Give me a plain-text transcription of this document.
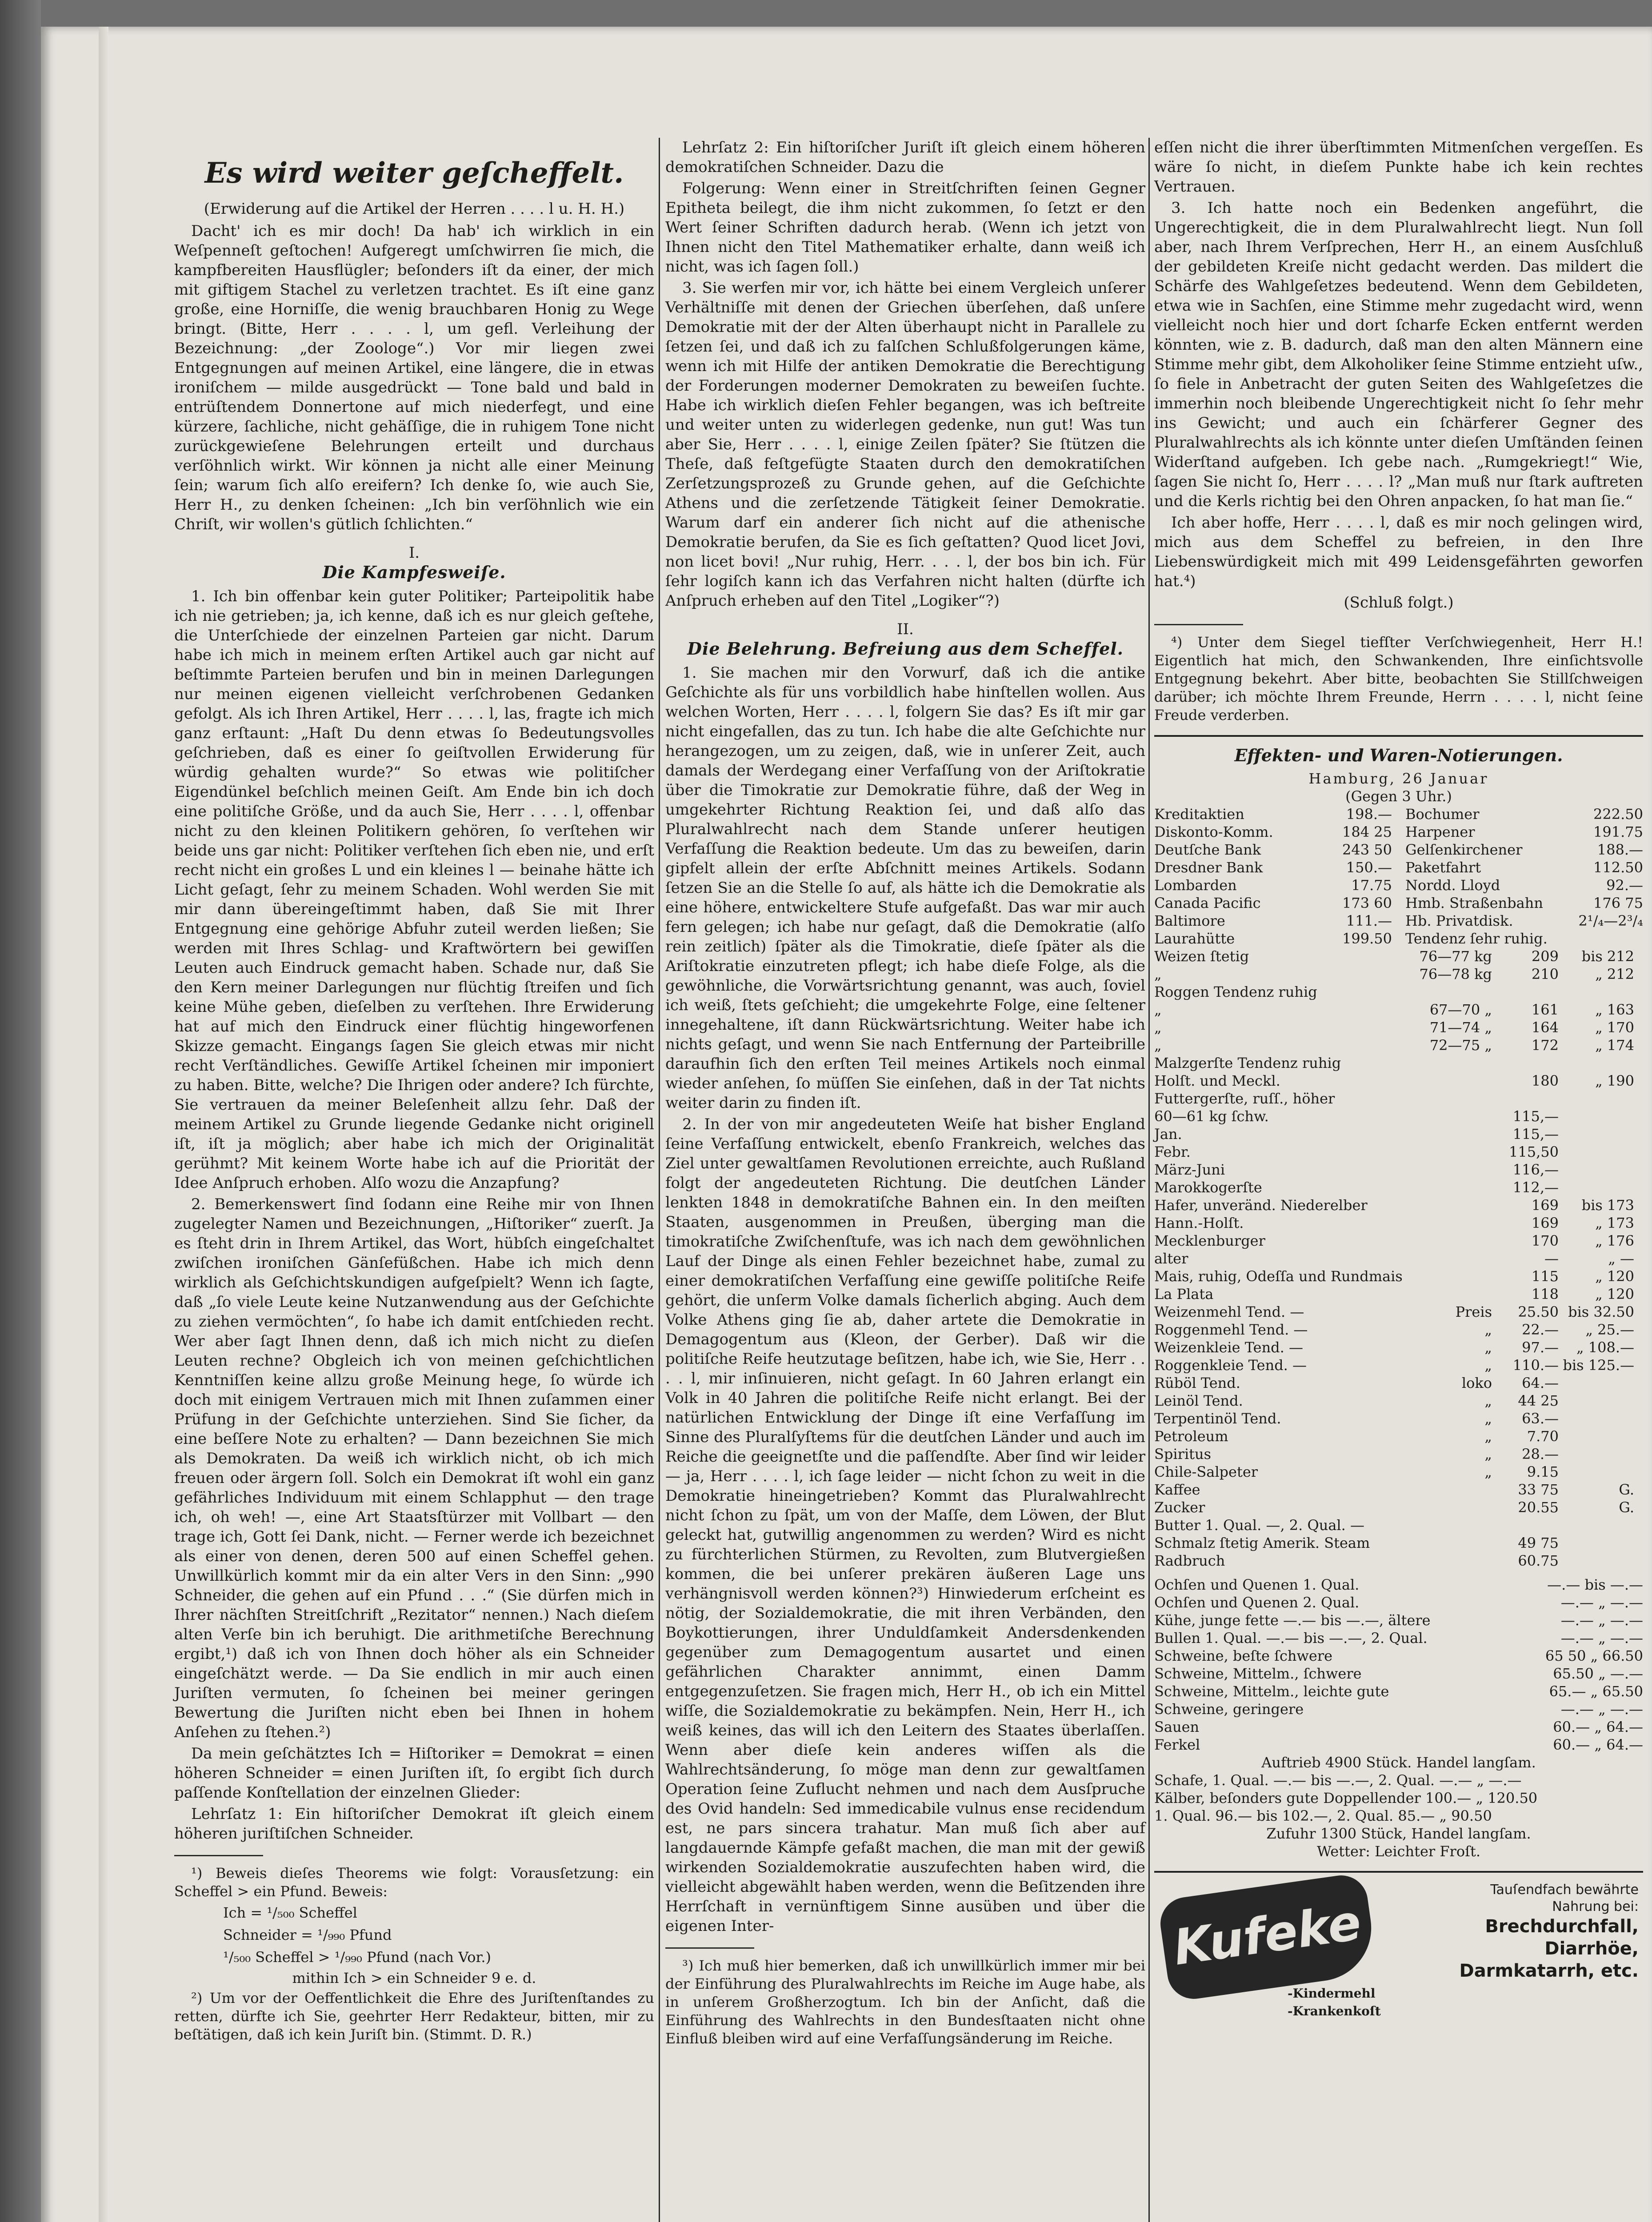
Es wird weiter geſcheffelt.
(Erwiderung auf die Artikel der Herren . . . . l u. H. H.)

Dacht' ich es mir doch! Da hab' ich wirklich in ein Weſpenneſt geſtochen! Aufgeregt umſchwirren ſie mich, die kampfbereiten Hausflügler; beſonders iſt da einer, der mich mit giftigem Stachel zu verletzen trachtet. Es iſt eine ganz große, eine Horniſſe, die wenig brauchbaren Honig zu Wege bringt. (Bitte, Herr . . . . l, um gefl. Verleihung der Bezeichnung: „der Zoologe“.) Vor mir liegen zwei Entgegnungen auf meinen Artikel, eine längere, die in etwas ironiſchem — milde ausgedrückt — Tone bald und bald in entrüſtendem Donnertone auf mich niederfegt, und eine kürzere, ſachliche, nicht gehäſſige, die in ruhigem Tone nicht zurückgewieſene Belehrungen erteilt und durchaus verſöhnlich wirkt. Wir können ja nicht alle einer Meinung ſein; warum ſich alſo ereifern? Ich denke ſo, wie auch Sie, Herr H., zu denken ſcheinen: „Ich bin verſöhnlich wie ein Chriſt, wir wollen's gütlich ſchlichten.“

I.
Die Kampfesweiſe.

1. Ich bin offenbar kein guter Politiker; Parteipolitik habe ich nie getrieben; ja, ich kenne, daß ich es nur gleich geſtehe, die Unterſchiede der einzelnen Parteien gar nicht. Darum habe ich mich in meinem erſten Artikel auch gar nicht auf beſtimmte Parteien berufen und bin in meinen Darlegungen nur meinen eigenen vielleicht verſchrobenen Gedanken gefolgt. Als ich Ihren Artikel, Herr . . . . l, las, fragte ich mich ganz erſtaunt: „Haſt Du denn etwas ſo Bedeutungsvolles geſchrieben, daß es einer ſo geiſtvollen Erwiderung für würdig gehalten wurde?“ So etwas wie politiſcher Eigendünkel beſchlich meinen Geiſt. Am Ende bin ich doch eine politiſche Größe, und da auch Sie, Herr . . . . l, offenbar nicht zu den kleinen Politikern gehören, ſo verſtehen wir beide uns gar nicht: Politiker verſtehen ſich eben nie, und erſt recht nicht ein großes L und ein kleines l — beinahe hätte ich Licht geſagt, ſehr zu meinem Schaden. Wohl werden Sie mit mir dann übereingeſtimmt haben, daß Sie mit Ihrer Entgegnung eine gehörige Abfuhr zuteil werden ließen; Sie werden mit Ihres Schlag- und Kraftwörtern bei gewiſſen Leuten auch Eindruck gemacht haben. Schade nur, daß Sie den Kern meiner Darlegungen nur flüchtig ſtreifen und ſich keine Mühe geben, dieſelben zu verſtehen. Ihre Erwiderung hat auf mich den Eindruck einer flüchtig hingeworfenen Skizze gemacht. Eingangs ſagen Sie gleich etwas mir nicht recht Verſtändliches. Gewiſſe Artikel ſcheinen mir imponiert zu haben. Bitte, welche? Die Ihrigen oder andere? Ich fürchte, Sie vertrauen da meiner Beleſenheit allzu ſehr. Daß der meinem Artikel zu Grunde liegende Gedanke nicht originell iſt, iſt ja möglich; aber habe ich mich der Originalität gerühmt? Mit keinem Worte habe ich auf die Priorität der Idee Anſpruch erhoben. Alſo wozu die Anzapfung?

2. Bemerkenswert ſind ſodann eine Reihe mir von Ihnen zugelegter Namen und Bezeichnungen, „Hiſtoriker“ zuerſt. Ja es ſteht drin in Ihrem Artikel, das Wort, hübſch eingeſchaltet zwiſchen ironiſchen Gänſefüßchen. Habe ich mich denn wirklich als Geſchichtskundigen aufgeſpielt? Wenn ich ſagte, daß „ſo viele Leute keine Nutzanwendung aus der Geſchichte zu ziehen vermöchten“, ſo habe ich damit entſchieden recht. Wer aber ſagt Ihnen denn, daß ich mich nicht zu dieſen Leuten rechne? Obgleich ich von meinen geſchichtlichen Kenntniſſen keine allzu große Meinung hege, ſo würde ich doch mit einigem Vertrauen mich mit Ihnen zuſammen einer Prüfung in der Geſchichte unterziehen. Sind Sie ſicher, da eine beſſere Note zu erhalten? — Dann bezeichnen Sie mich als Demokraten. Da weiß ich wirklich nicht, ob ich mich freuen oder ärgern ſoll. Solch ein Demokrat iſt wohl ein ganz gefährliches Individuum mit einem Schlapphut — den trage ich, oh weh! —, eine Art Staatsſtürzer mit Vollbart — den trage ich, Gott ſei Dank, nicht. — Ferner werde ich bezeichnet als einer von denen, deren 500 auf einen Scheffel gehen. Unwillkürlich kommt mir da ein alter Vers in den Sinn: „990 Schneider, die gehen auf ein Pfund . . .“ (Sie dürfen mich in Ihrer nächſten Streitſchrift „Rezitator“ nennen.) Nach dieſem alten Verſe bin ich beruhigt. Die arithmetiſche Berechnung ergibt,¹) daß ich von Ihnen doch höher als ein Schneider eingeſchätzt werde. — Da Sie endlich in mir auch einen Juriſten vermuten, ſo ſcheinen bei meiner geringen Bewertung die Juriſten nicht eben bei Ihnen in hohem Anſehen zu ſtehen.²)

Da mein geſchätztes Ich = Hiſtoriker = Demokrat = einen höheren Schneider = einen Juriſten iſt, ſo ergibt ſich durch paſſende Konſtellation der einzelnen Glieder:

Lehrſatz 1: Ein hiſtoriſcher Demokrat iſt gleich einem höheren juriſtiſchen Schneider.

¹) Beweis dieſes Theorems wie folgt: Vorausſetzung: ein Scheffel > ein Pfund. Beweis:

Ich = ¹/₅₀₀ Scheffel

Schneider = ¹/₉₉₀ Pfund

¹/₅₀₀ Scheffel > ¹/₉₉₀ Pfund (nach Vor.)

mithin Ich > ein Schneider 9 e. d.

²) Um vor der Oeffentlichkeit die Ehre des Juriſtenſtandes zu retten, dürfte ich Sie, geehrter Herr Redakteur, bitten, mir zu beſtätigen, daß ich kein Juriſt bin. (Stimmt. D. R.)

Lehrſatz 2: Ein hiſtoriſcher Juriſt iſt gleich einem höheren demokratiſchen Schneider. Dazu die

Folgerung: Wenn einer in Streitſchriften ſeinen Gegner Epitheta beilegt, die ihm nicht zukommen, ſo ſetzt er den Wert ſeiner Schriften dadurch herab. (Wenn ich jetzt von Ihnen nicht den Titel Mathematiker erhalte, dann weiß ich nicht, was ich ſagen ſoll.)

3. Sie werfen mir vor, ich hätte bei einem Vergleich unſerer Verhältniſſe mit denen der Griechen überſehen, daß unſere Demokratie mit der der Alten überhaupt nicht in Parallele zu ſetzen ſei, und daß ich zu falſchen Schlußfolgerungen käme, wenn ich mit Hilfe der antiken Demokratie die Berechtigung der Forderungen moderner Demokraten zu beweiſen ſuchte. Habe ich wirklich dieſen Fehler begangen, was ich beſtreite und weiter unten zu widerlegen gedenke, nun gut! Was tun aber Sie, Herr . . . . l, einige Zeilen ſpäter? Sie ſtützen die Theſe, daß feſtgefügte Staaten durch den demokratiſchen Zerſetzungsprozeß zu Grunde gehen, auf die Geſchichte Athens und die zerſetzende Tätigkeit ſeiner Demokratie. Warum darf ein anderer ſich nicht auf die athenische Demokratie berufen, da Sie es ſich geſtatten? Quod licet Jovi, non licet bovi! „Nur ruhig, Herr. . . . l, der bos bin ich. Für ſehr logiſch kann ich das Verfahren nicht halten (dürfte ich Anſpruch erheben auf den Titel „Logiker“?)

II.
Die Belehrung. Befreiung aus dem Scheffel.

1. Sie machen mir den Vorwurf, daß ich die antike Geſchichte als für uns vorbildlich habe hinſtellen wollen. Aus welchen Worten, Herr . . . . l, folgern Sie das? Es iſt mir gar nicht eingefallen, das zu tun. Ich habe die alte Geſchichte nur herangezogen, um zu zeigen, daß, wie in unſerer Zeit, auch damals der Werdegang einer Verfaſſung von der Ariſtokratie über die Timokratie zur Demokratie führe, daß der Weg in umgekehrter Richtung Reaktion ſei, und daß alſo das Pluralwahlrecht nach dem Stande unſerer heutigen Verfaſſung die Reaktion bedeute. Um das zu beweiſen, darin gipfelt allein der erſte Abſchnitt meines Artikels. Sodann ſetzen Sie an die Stelle ſo auf, als hätte ich die Demokratie als eine höhere, entwickeltere Stufe aufgefaßt. Das war mir auch fern gelegen; ich habe nur geſagt, daß die Demokratie (alſo rein zeitlich) ſpäter als die Timokratie, dieſe ſpäter als die Ariſtokratie einzutreten pflegt; ich habe dieſe Folge, als die gewöhnliche, die Vorwärtsrichtung genannt, was auch, ſoviel ich weiß, ſtets geſchieht; die umgekehrte Folge, eine ſeltener innegehaltene, iſt dann Rückwärtsrichtung. Weiter habe ich nichts geſagt, und wenn Sie nach Entfernung der Parteibrille daraufhin ſich den erſten Teil meines Artikels noch einmal wieder anſehen, ſo müſſen Sie einſehen, daß in der Tat nichts weiter darin zu finden iſt.

2. In der von mir angedeuteten Weiſe hat bisher England ſeine Verfaſſung entwickelt, ebenſo Frankreich, welches das Ziel unter gewaltſamen Revolutionen erreichte, auch Rußland folgt der angedeuteten Richtung. Die deutſchen Länder lenkten 1848 in demokratiſche Bahnen ein. In den meiſten Staaten, ausgenommen in Preußen, überging man die timokratiſche Zwiſchenſtufe, was ich nach dem gewöhnlichen Lauf der Dinge als einen Fehler bezeichnet habe, zumal zu einer demokratiſchen Verfaſſung eine gewiſſe politiſche Reife gehört, die unſerm Volke damals ſicherlich abging. Auch dem Volke Athens ging ſie ab, daher artete die Demokratie in Demagogentum aus (Kleon, der Gerber). Daß wir die politiſche Reife heutzutage beſitzen, habe ich, wie Sie, Herr . . . . l, mir inſinuieren, nicht geſagt. In 60 Jahren erlangt ein Volk in 40 Jahren die politiſche Reife nicht erlangt. Bei der natürlichen Entwicklung der Dinge iſt eine Verfaſſung im Sinne des Pluralſyſtems für die deutſchen Länder und auch im Reiche die geeignetſte und die paſſendſte. Aber ſind wir leider — ja, Herr . . . . l, ich ſage leider — nicht ſchon zu weit in die Demokratie hineingetrieben? Kommt das Pluralwahlrecht nicht ſchon zu ſpät, um von der Maſſe, dem Löwen, der Blut geleckt hat, gutwillig angenommen zu werden? Wird es nicht zu fürchterlichen Stürmen, zu Revolten, zum Blutvergießen kommen, die bei unſerer prekären äußeren Lage uns verhängnisvoll werden können?³) Hinwiederum erſcheint es nötig, der Sozialdemokratie, die mit ihren Verbänden, den Boykottierungen, ihrer Unduldſamkeit Andersdenkenden gegenüber zum Demagogentum ausartet und einen gefährlichen Charakter annimmt, einen Damm entgegenzuſetzen. Sie fragen mich, Herr H., ob ich ein Mittel wiſſe, die Sozialdemokratie zu bekämpfen. Nein, Herr H., ich weiß keines, das will ich den Leitern des Staates überlaſſen. Wenn aber dieſe kein anderes wiſſen als die Wahlrechtsänderung, ſo möge man denn zur gewaltſamen Operation ſeine Zuflucht nehmen und nach dem Ausſpruche des Ovid handeln: Sed immedicabile vulnus ense recidendum est, ne pars sincera trahatur. Man muß ſich aber auf langdauernde Kämpfe gefaßt machen, die man mit der gewiß wirkenden Sozialdemokratie auszufechten haben wird, die vielleicht abgewählt haben werden, wenn die Beſitzenden ihre Herrſchaft in vernünftigem Sinne ausüben und über die eigenen Inter-

³) Ich muß hier bemerken, daß ich unwillkürlich immer mir bei der Einführung des Pluralwahlrechts im Reiche im Auge habe, als in unſerem Großherzogtum. Ich bin der Anſicht, daß die Einführung des Wahlrechts in den Bundesſtaaten nicht ohne Einfluß bleiben wird auf eine Verfaſſungsänderung im Reiche.

eſſen nicht die ihrer überſtimmten Mitmenſchen vergeſſen. Es wäre ſo nicht, in dieſem Punkte habe ich kein rechtes Vertrauen.

3. Ich hatte noch ein Bedenken angeführt, die Ungerechtigkeit, die in dem Pluralwahlrecht liegt. Nun ſoll aber, nach Ihrem Verſprechen, Herr H., an einem Ausſchluß der gebildeten Kreiſe nicht gedacht werden. Das mildert die Schärfe des Wahlgeſetzes bedeutend. Wenn dem Gebildeten, etwa wie in Sachſen, eine Stimme mehr zugedacht wird, wenn vielleicht noch hier und dort ſcharfe Ecken entfernt werden könnten, wie z. B. dadurch, daß man den alten Männern eine Stimme mehr gibt, dem Alkoholiker ſeine Stimme entzieht uſw., ſo fiele in Anbetracht der guten Seiten des Wahlgeſetzes die immerhin noch bleibende Ungerechtigkeit nicht ſo ſehr mehr ins Gewicht; und auch ein ſchärferer Gegner des Pluralwahlrechts als ich könnte unter dieſen Umſtänden ſeinen Widerſtand aufgeben. Ich gebe nach. „Rumgekriegt!“ Wie, ſagen Sie nicht ſo, Herr . . . . l? „Man muß nur ſtark auftreten und die Kerls richtig bei den Ohren anpacken, ſo hat man ſie.“

Ich aber hoffe, Herr . . . . l, daß es mir noch gelingen wird, mich aus dem Scheffel zu befreien, in den Ihre Liebenswürdigkeit mich mit 499 Leidensgefährten geworfen hat.⁴)

(Schluß folgt.)

⁴) Unter dem Siegel tiefſter Verſchwiegenheit, Herr H.! Eigentlich hat mich, den Schwankenden, Ihre einſichtsvolle Entgegnung bekehrt. Aber bitte, beobachten Sie Stillſchweigen darüber; ich möchte Ihrem Freunde, Herrn . . . . l, nicht ſeine Freude verderben.

Effekten- und Waren-Notierungen.
Hamburg, 26 Januar
(Gegen 3 Uhr.)
Kreditaktien	198.— Bochumer	222.50
Diskonto-Komm.	184 25 Harpener	191.75
Deutſche Bank	243 50 Gelſenkirchener	188.—
Dresdner Bank	150.— Paketfahrt	112.50
Lombarden	17.75 Nordd. Lloyd	92.—
Canada Pacific	173 60 Hmb. Straßenbahn	176 75
Baltimore	111.— Hb. Privatdisk.	2¹/₄—2³/₄
Laurahütte	199.50 Tendenz ſehr ruhig.
Weizen ſtetig	76—77 kg	209	bis 212
„	76—78 kg	210	„ 212
Roggen Tendenz ruhig
„	67—70 „	161	„ 163
„	71—74 „	164	„ 170
„	72—75 „	172	„ 174
Malzgerſte Tendenz ruhig
Holſt. und Meckl.	180	„ 190
Futtergerſte, ruſſ., höher
60—61 kg ſchw.	115,—
Jan.	115,—
Febr.	115,50
März-Juni	116,—
Marokkogerſte	112,—
Hafer, unveränd. Niederelber	169	bis 173
Hann.-Holſt.	169	„ 173
Mecklenburger	170	„ 176
alter	—	„ —
Mais, ruhig, Odeſſa und Rundmais	115	„ 120
La Plata	118	„ 120
Weizenmehl Tend. —	Preis	25.50 bis 32.50
Roggenmehl Tend. —	„	22.—	„ 25.—
Weizenkleie Tend. —	„	97.—	„ 108.—
Roggenkleie Tend. —	„	110.— bis 125.—
Rüböl Tend.	loko	64.—
Leinöl Tend.	„	44 25
Terpentinöl Tend.	„	63.—
Petroleum	„	7.70
Spiritus	„	28.—
Chile-Salpeter	„	9.15
Kaffee	33 75	G.
Zucker	20.55	G.
Butter 1. Qual. —, 2. Qual. —
Schmalz ſtetig Amerik. Steam	49 75
Radbruch	60.75
Ochſen und Quenen 1. Qual.	—.— bis —.—
Ochſen und Quenen 2. Qual.	—.— „ —.—
Kühe, junge fette —.— bis —.—, ältere	—.— „ —.—
Bullen 1. Qual. —.— bis —.—, 2. Qual.	—.— „ —.—
Schweine, beſte ſchwere	65 50 „ 66.50
Schweine, Mittelm., ſchwere	65.50 „ —.—
Schweine, Mittelm., leichte gute	65.— „ 65.50
Schweine, geringere	—.— „ —.—
Sauen	60.— „ 64.—
Ferkel	60.— „ 64.—
Auftrieb 4900 Stück. Handel langſam.
Schafe, 1. Qual. —.— bis —.—, 2. Qual. —.— „ —.—
Kälber, beſonders gute Doppellender 100.— „ 120.50
1. Qual. 96.— bis 102.—, 2. Qual. 85.— „ 90.50
Zufuhr 1300 Stück, Handel langſam.
Wetter: Leichter Froſt.
Kufeke
-Kindermehl
-Krankenkoſt
Tauſendfach bewährte
Nahrung bei:
Brechdurchfall,
Diarrhöe,
Darmkatarrh, etc.
